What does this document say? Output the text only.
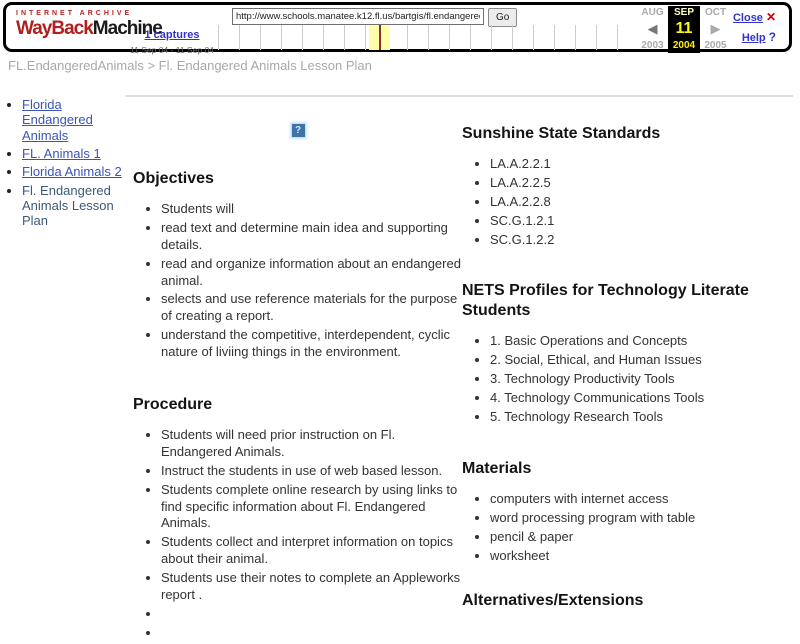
INTERNET ARCHIVE
WayBackMachine
1 captures
11 Sep 04 - 11 Sep 04
http://www.schools.manatee.k12.fl.us/bartgis/fl.endangeredanimals/fl._endangere
Go	AUG	SEP	OCT
◀	11	▶
2003 2004 2005
Close ✕
Help ?
FL.EndangeredAnimals > Fl. Endangered Animals Lesson Plan
• Florida Endangered Animals
• FL. Animals 1
• Florida Animals 2
• Fl. Endangered Animals Lesson Plan
?
Objectives
• Students will
• read text and determine main idea and supporting details.
• read and organize information about an endangered animal.
• selects and use reference materials for the purpose of creating a report.
• understand the competitive, interdependent, cyclic nature of liviing things in the environment.
Procedure
• Students will need prior instruction on Fl. Endangered Animals.
• Instruct the students in use of web based lesson.
• Students complete online research by using links to find specific information about Fl. Endangered Animals.
• Students collect and interpret information on topics about their animal.
• Students use their notes to complete an Appleworks report .
•
•
Sunshine State Standards
• LA.A.2.2.1
• LA.A.2.2.5
• LA.A.2.2.8
• SC.G.1.2.1
• SC.G.1.2.2
NETS Profiles for Technology Literate Students
• 1. Basic Operations and Concepts
• 2. Social, Ethical, and Human Issues
• 3. Technology Productivity Tools
• 4. Technology Communications Tools
• 5. Technology Research Tools
Materials
• computers with internet access
• word processing program with table
• pencil & paper
• worksheet
Alternatives/Extensions
